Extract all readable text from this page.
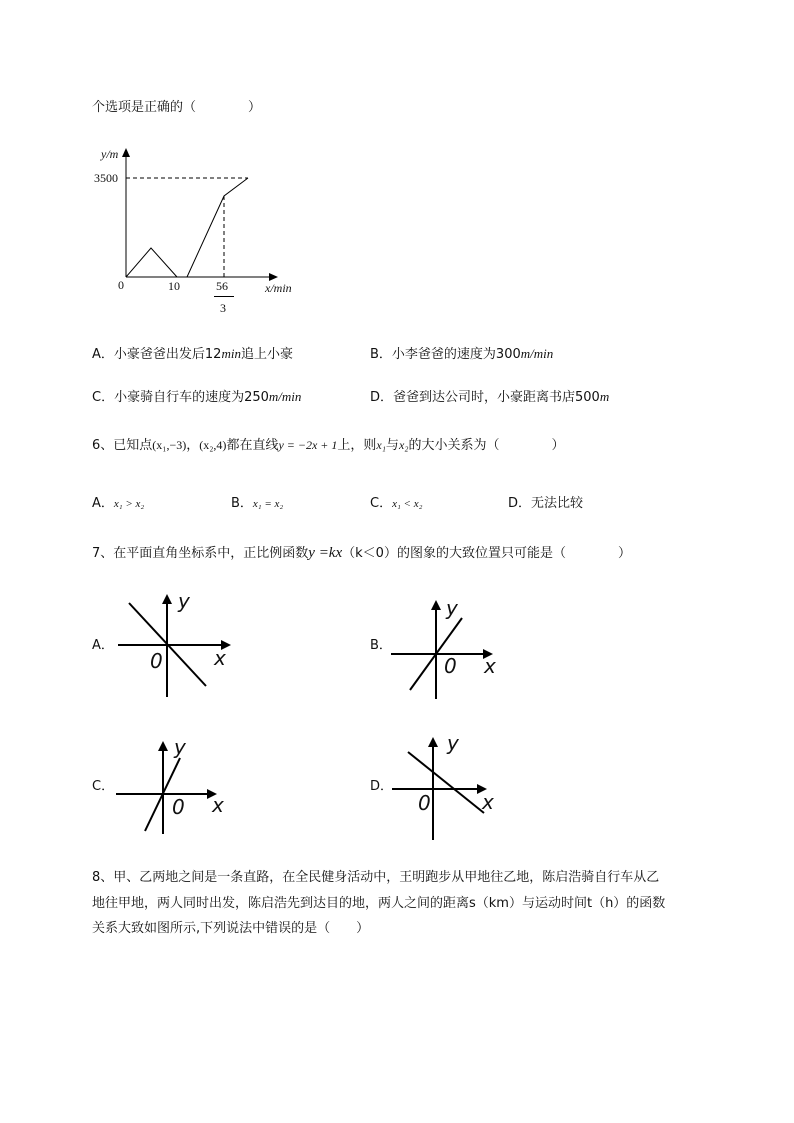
个选项是正确的（　　　　）
y/m
3500
0	10	56
3
x/min
A．小豪爸爸出发后12min追上小豪	B．小李爸爸的速度为300m/min
C．小豪骑自行车的速度为250m/min	D．爸爸到达公司时，小豪距离书店500m
6、已知点(x₁,−3)，(x₂,4)都在直线y = −2x + 1上，则x₁与x₂的大小关系为（　　　　）
A．x₁ > x₂	B．x₁ = x₂	C．x₁ < x₂	D．无法比较
7、在平面直角坐标系中，正比例函数y =kx（k＜0）的图象的大致位置只可能是（　　　　）
A．
y
x
0
B．
y
x
0
C．
y
x
0
D．
y
x
0
8、甲、乙两地之间是一条直路，在全民健身活动中，王明跑步从甲地往乙地，陈启浩骑自行车从乙
地往甲地，两人同时出发，陈启浩先到达目的地，两人之间的距离s（km）与运动时间t（h）的函数
关系大致如图所示,下列说法中错误的是（　　）
